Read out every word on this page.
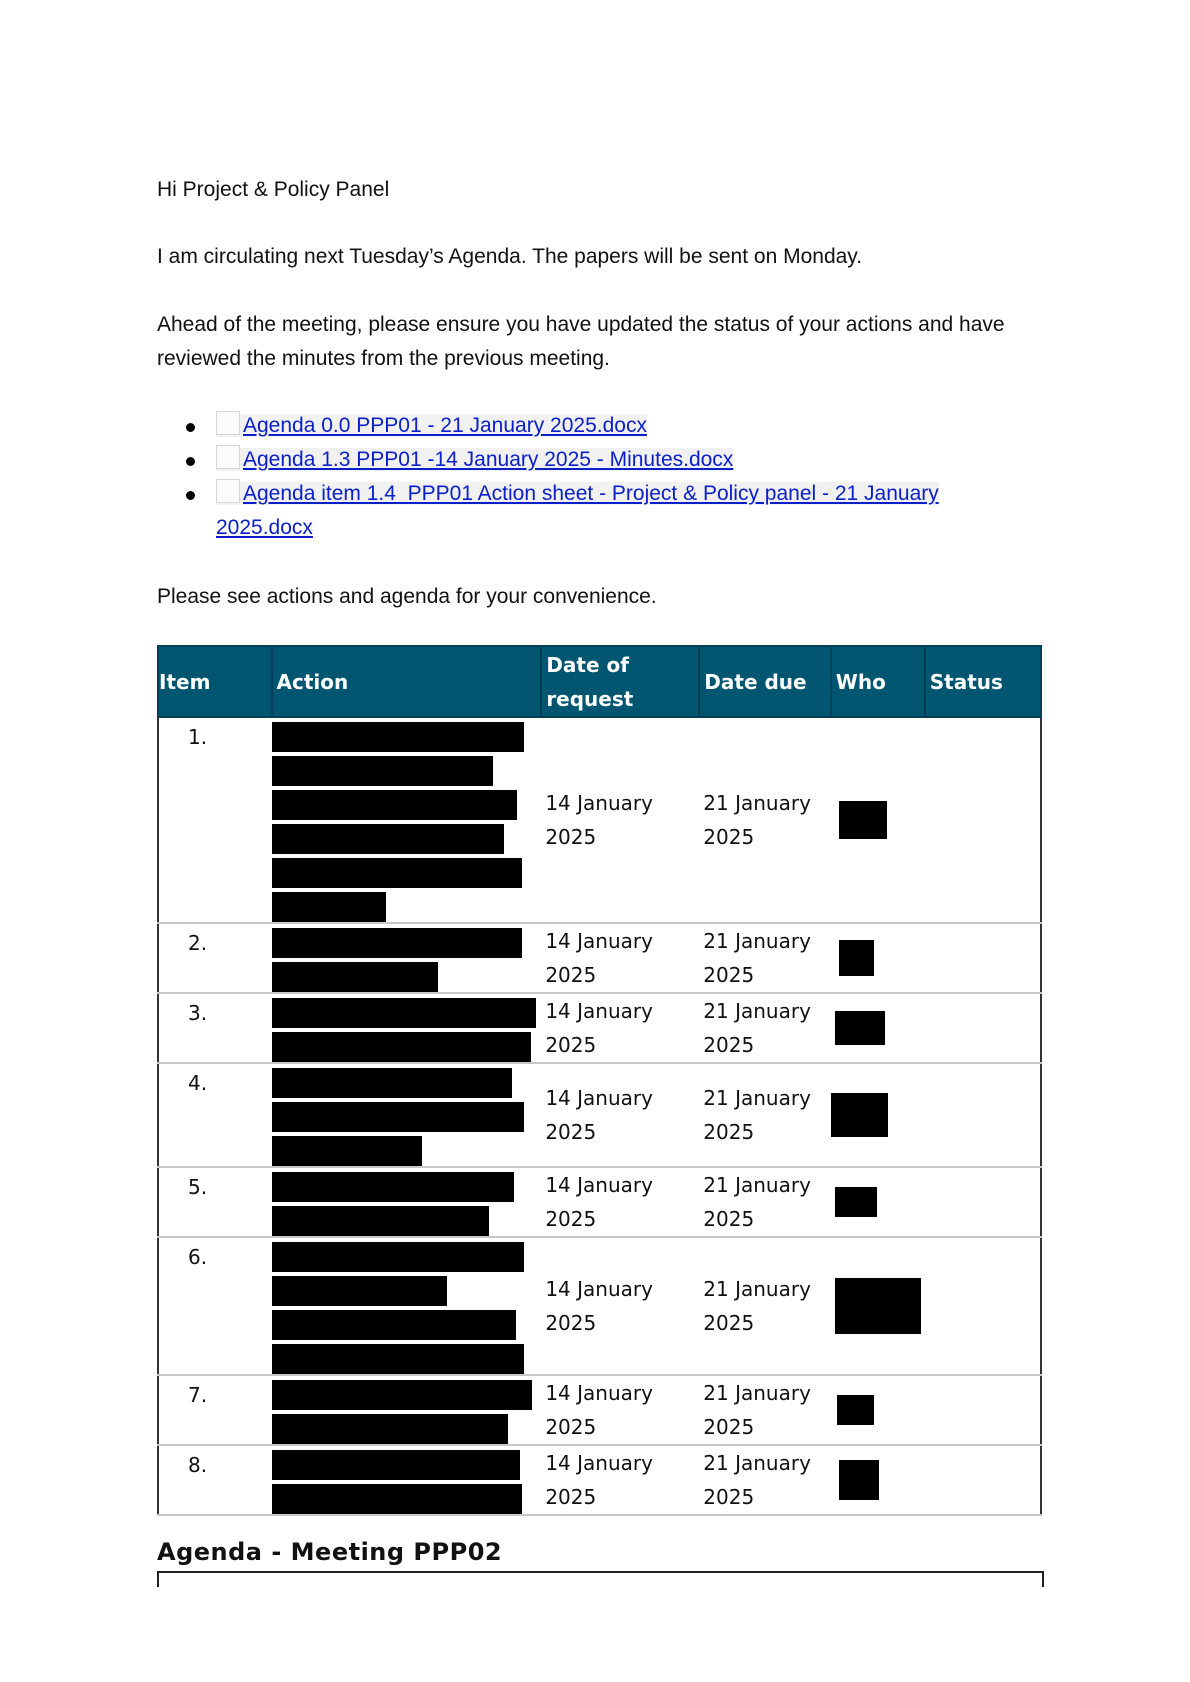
Hi Project & Policy Panel

I am circulating next Tuesday’s Agenda. The papers will be sent on Monday.

Ahead of the meeting, please ensure you have updated the status of your actions and have

reviewed the minutes from the previous meeting.

Agenda 0.0 PPP01 - 21 January 2025.docx
Agenda 1.3 PPP01 -14 January 2025 - Minutes.docx
Agenda item 1.4_PPP01 Action sheet - Project & Policy panel - 21 January
2025.docx

Please see actions and agenda for your convenience.

Item	Action	Date of
request	Date due	Who	Status
1.		14 January 2025	21 January
2025	

2.		14 January 2025	21 January
2025	

3.		14 January 2025	21 January
2025	

4.		14 January 2025	21 January
2025	

5.		14 January 2025	21 January
2025	

6.		14 January 2025	21 January
2025	

7.		14 January 2025	21 January
2025	

8.		14 January 2025	21 January
2025	

Agenda - Meeting PPP02
